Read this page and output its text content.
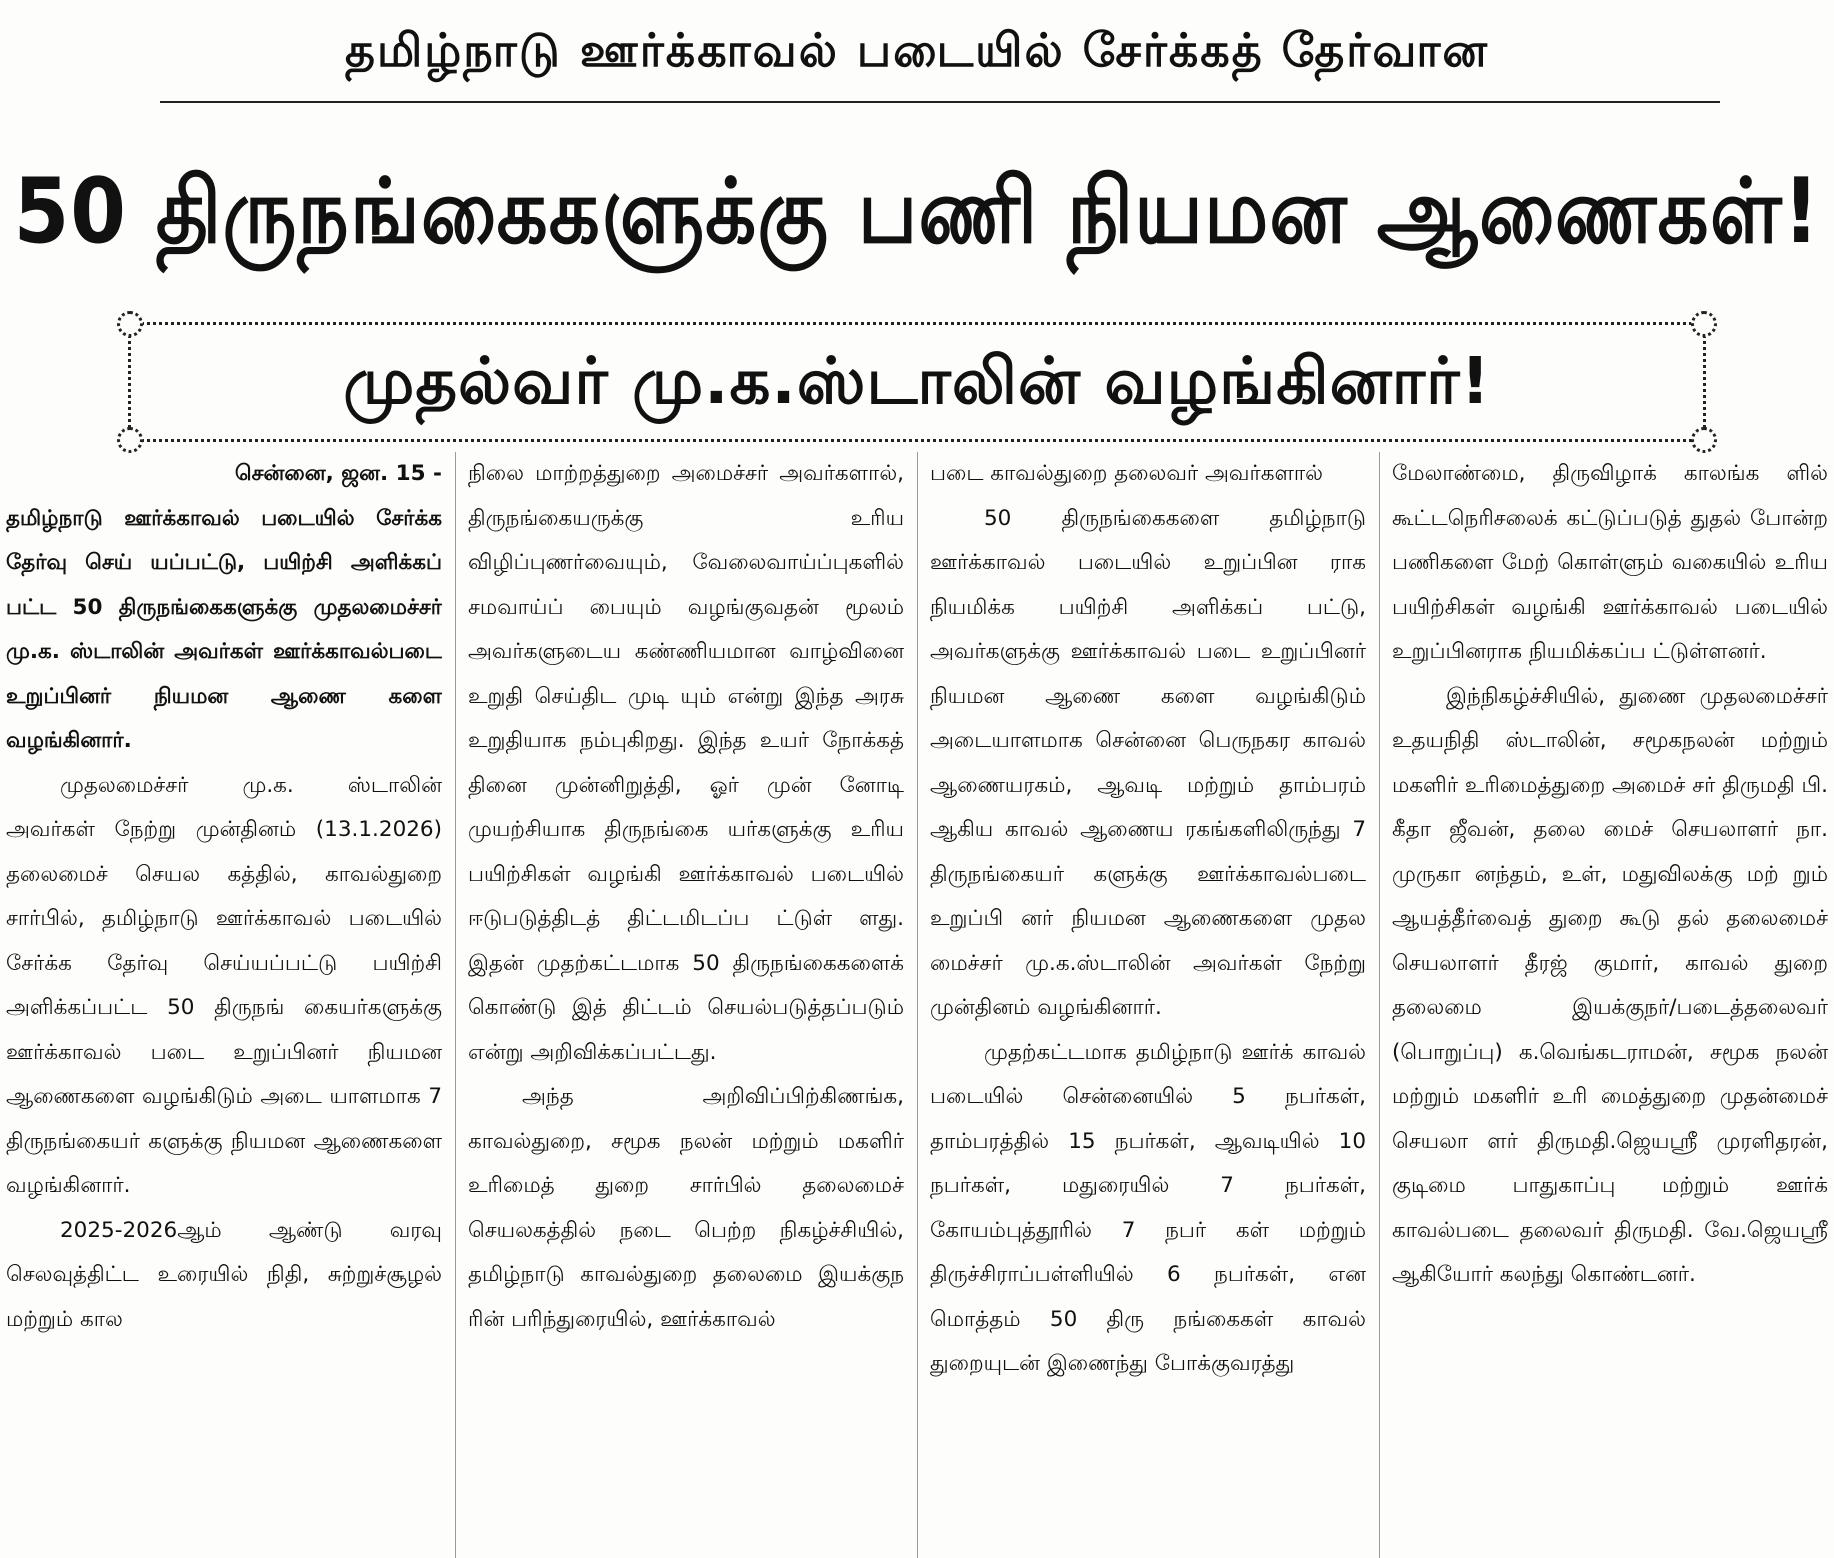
தமிழ்நாடு ஊர்க்காவல் படையில் சேர்க்கத் தேர்வான
50 திருநங்கைகளுக்கு பணி நியமன ஆணைகள்!
முதல்வர் மு.க.ஸ்டாலின் வழங்கினார்!

சென்னை, ஜன. 15 -

தமிழ்நாடு ஊர்க்காவல் படையில் சேர்க்க தேர்வு செய் யப்பட்டு, பயிற்சி அளிக்கப் பட்ட 50 திருநங்கைகளுக்கு முதலமைச்சர் மு.க. ஸ்டாலின் அவர்கள் ஊர்க்காவல்படை உறுப்பினர் நியமன ஆணை களை வழங்கினார்.

முதலமைச்சர் மு.க. ஸ்டாலின் அவர்கள் நேற்று முன்தினம் (13.1.2026) தலைமைச் செயல கத்தில், காவல்துறை சார்பில், தமிழ்நாடு ஊர்க்காவல் படையில் சேர்க்க தேர்வு செய்யப்பட்டு பயிற்சி அளிக்கப்பட்ட 50 திருநங் கையர்களுக்கு ஊர்க்காவல் படை உறுப்பினர் நியமன ஆணைகளை வழங்கிடும் அடை யாளமாக 7 திருநங்கையர் களுக்கு நியமன ஆணைகளை வழங்கினார்.

2025-2026ஆம் ஆண்டு வரவு செலவுத்திட்ட உரையில் நிதி, சுற்றுச்சூழல் மற்றும் கால

நிலை மாற்றத்துறை அமைச்சர் அவர்களால், திருநங்கையருக்கு உரிய விழிப்புணர்வையும், வேலைவாய்ப்புகளில் சமவாய்ப் பையும் வழங்குவதன் மூலம் அவர்களுடைய கண்ணியமான வாழ்வினை உறுதி செய்திட முடி யும் என்று இந்த அரசு உறுதியாக நம்புகிறது. இந்த உயர் நோக்கத் தினை முன்னிறுத்தி, ஓர் முன் னோடி முயற்சியாக திருநங்கை யர்களுக்கு உரிய பயிற்சிகள் வழங்கி ஊர்க்காவல் படையில் ஈடுபடுத்திடத் திட்டமிடப்ப ட்டுள் ளது. இதன் முதற்கட்டமாக 50 திருநங்கைகளைக் கொண்டு இத் திட்டம் செயல்படுத்தப்படும் என்று அறிவிக்கப்பட்டது.

அந்த அறிவிப்பிற்கிணங்க, காவல்துறை, சமூக நலன் மற்றும் மகளிர் உரிமைத் துறை சார்பில் தலைமைச் செயலகத்தில் நடை பெற்ற நிகழ்ச்சியில், தமிழ்நாடு காவல்துறை தலைமை இயக்குந ரின் பரிந்துரையில், ஊர்க்காவல்

படை காவல்துறை தலைவர் அவர்களால்

50 திருநங்கைகளை தமிழ்நாடு ஊர்க்காவல் படையில் உறுப்பின ராக நியமிக்க பயிற்சி அளிக்கப் பட்டு, அவர்களுக்கு ஊர்க்காவல் படை உறுப்பினர் நியமன ஆணை களை வழங்கிடும் அடையாளமாக சென்னை பெருநகர காவல் ஆணையரகம், ஆவடி மற்றும் தாம்பரம் ஆகிய காவல் ஆணைய ரகங்களிலிருந்து 7 திருநங்கையர் களுக்கு ஊர்க்காவல்படை உறுப்பி னர் நியமன ஆணைகளை முதல மைச்சர் மு.க.ஸ்டாலின் அவர்கள் நேற்று முன்தினம் வழங்கினார்.

முதற்கட்டமாக தமிழ்நாடு ஊர்க் காவல் படையில் சென்னையில் 5 நபர்கள், தாம்பரத்தில் 15 நபர்கள், ஆவடியில் 10 நபர்கள், மதுரையில் 7 நபர்கள், கோயம்புத்தூரில் 7 நபர் கள் மற்றும் திருச்சிராப்பள்ளியில் 6 நபர்கள், என மொத்தம் 50 திரு நங்கைகள் காவல் துறையுடன் இணைந்து போக்குவரத்து

மேலாண்மை, திருவிழாக் காலங்க ளில் கூட்டநெரிசலைக் கட்டுப்படுத் துதல் போன்ற பணிகளை மேற் கொள்ளும் வகையில் உரிய பயிற்சிகள் வழங்கி ஊர்க்காவல் படையில் உறுப்பினராக நியமிக்கப்ப ட்டுள்ளனர்.

இந்நிகழ்ச்சியில், துணை முதலமைச்சர் உதயநிதி ஸ்டாலின், சமூகநலன் மற்றும் மகளிர் உரிமைத்துறை அமைச் சர் திருமதி பி. கீதா ஜீவன், தலை மைச் செயலாளர் நா. முருகா னந்தம், உள், மதுவிலக்கு மற் றும் ஆயத்தீர்வைத் துறை கூடு தல் தலைமைச் செயலாளர் தீரஜ் குமார், காவல் துறை தலைமை இயக்குநர்/படைத்தலைவர் (பொறுப்பு) க.வெங்கடராமன், சமூக நலன் மற்றும் மகளிர் உரி மைத்துறை முதன்மைச் செயலா ளர் திருமதி.ஜெயஸ்ரீ முரளிதரன், குடிமை பாதுகாப்பு மற்றும் ஊர்க் காவல்படை தலைவர் திருமதி. வே.ஜெயஸ்ரீ ஆகியோர் கலந்து கொண்டனர்.
